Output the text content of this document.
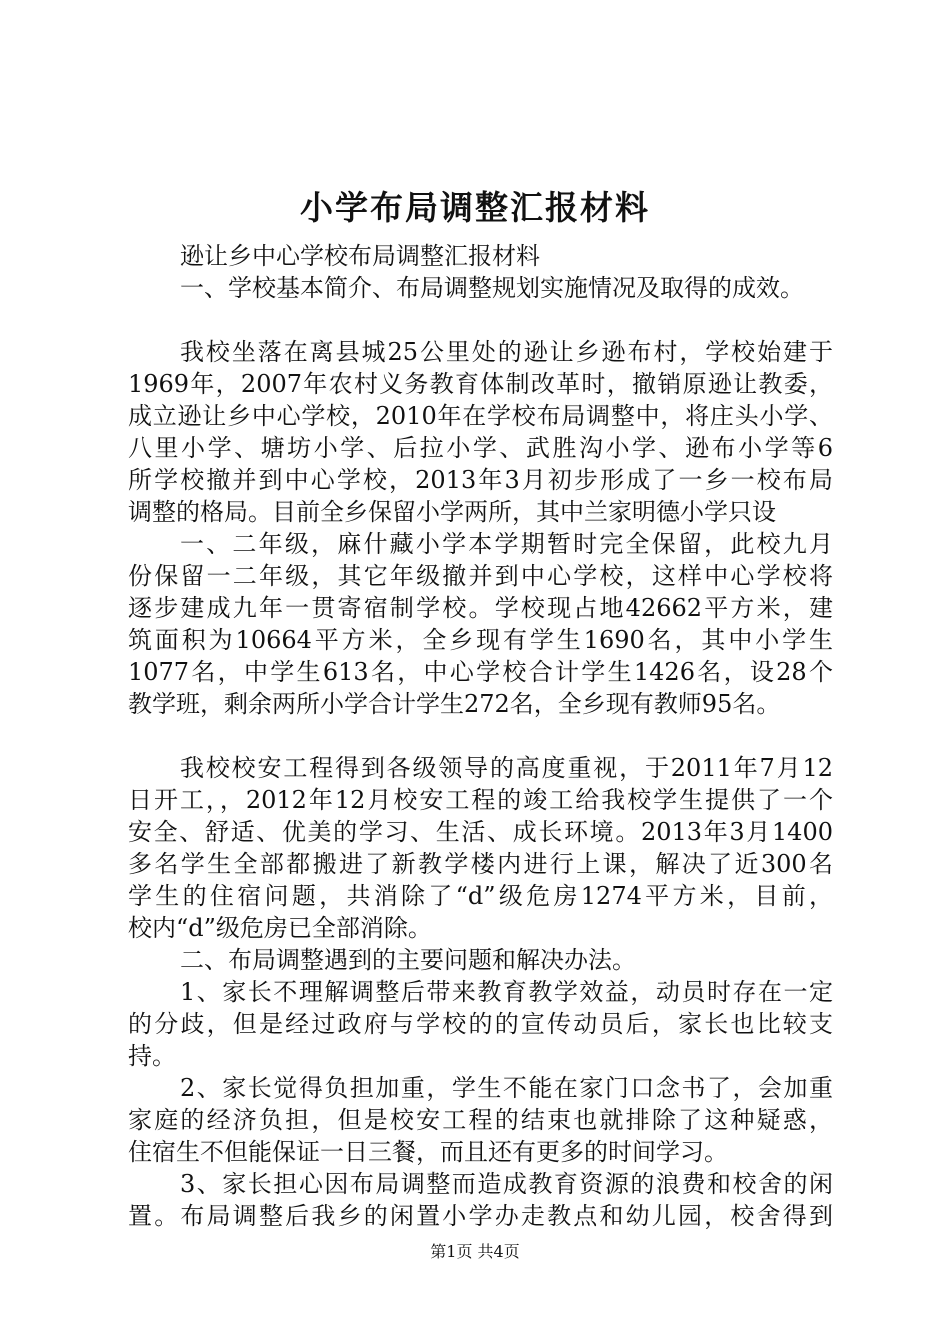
小学布局调整汇报材料
逊让乡中心学校布局调整汇报材料
一、学校基本简介、布局调整规划实施情况及取得的成效。
我校坐落在离县城25公里处的逊让乡逊布村，学校始建于
1969年，2007年农村义务教育体制改革时，撤销原逊让教委，
成立逊让乡中心学校，2010年在学校布局调整中，将庄头小学、
八里小学、塘坊小学、后拉小学、武胜沟小学、逊布小学等6
所学校撤并到中心学校，2013年3月初步形成了一乡一校布局
调整的格局。目前全乡保留小学两所，其中兰家明德小学只设
一、二年级，麻什藏小学本学期暂时完全保留，此校九月
份保留一二年级，其它年级撤并到中心学校，这样中心学校将
逐步建成九年一贯寄宿制学校。学校现占地42662平方米，建
筑面积为10664平方米，全乡现有学生1690名，其中小学生
1077名，中学生613名，中心学校合计学生1426名，设28个
教学班，剩余两所小学合计学生272名，全乡现有教师95名。
我校校安工程得到各级领导的高度重视，于2011年7月12
日开工，，2012年12月校安工程的竣工给我校学生提供了一个
安全、舒适、优美的学习、生活、成长环境。2013年3月1400
多名学生全部都搬进了新教学楼内进行上课，解决了近300名
学生的住宿问题，共消除了“d”级危房1274平方米，目前，
校内“d”级危房已全部消除。
二、布局调整遇到的主要问题和解决办法。
1、家长不理解调整后带来教育教学效益，动员时存在一定
的分歧，但是经过政府与学校的的宣传动员后，家长也比较支
持。
2、家长觉得负担加重，学生不能在家门口念书了，会加重
家庭的经济负担，但是校安工程的结束也就排除了这种疑惑，
住宿生不但能保证一日三餐，而且还有更多的时间学习。
3、家长担心因布局调整而造成教育资源的浪费和校舍的闲
置。布局调整后我乡的闲置小学办走教点和幼儿园，校舍得到
第1页 共4页
